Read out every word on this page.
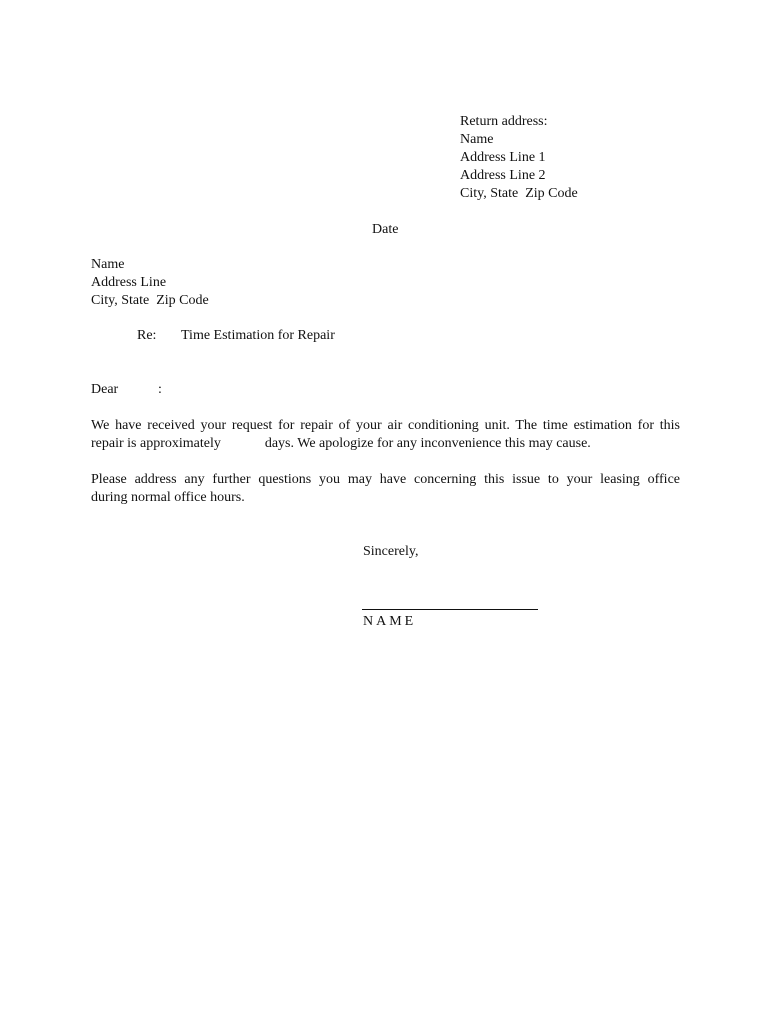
Return address:
Name
Address Line 1
Address Line 2
City, State  Zip Code
Date
Name
Address Line
City, State  Zip Code
Re: Time Estimation for Repair
Dear	:
We have received your request for repair of your air conditioning unit. The time estimation for this
repair is approximately	days. We apologize for any inconvenience this may cause.
Please address any further questions you may have concerning this issue to your leasing office
during normal office hours.
Sincerely,
NAME
